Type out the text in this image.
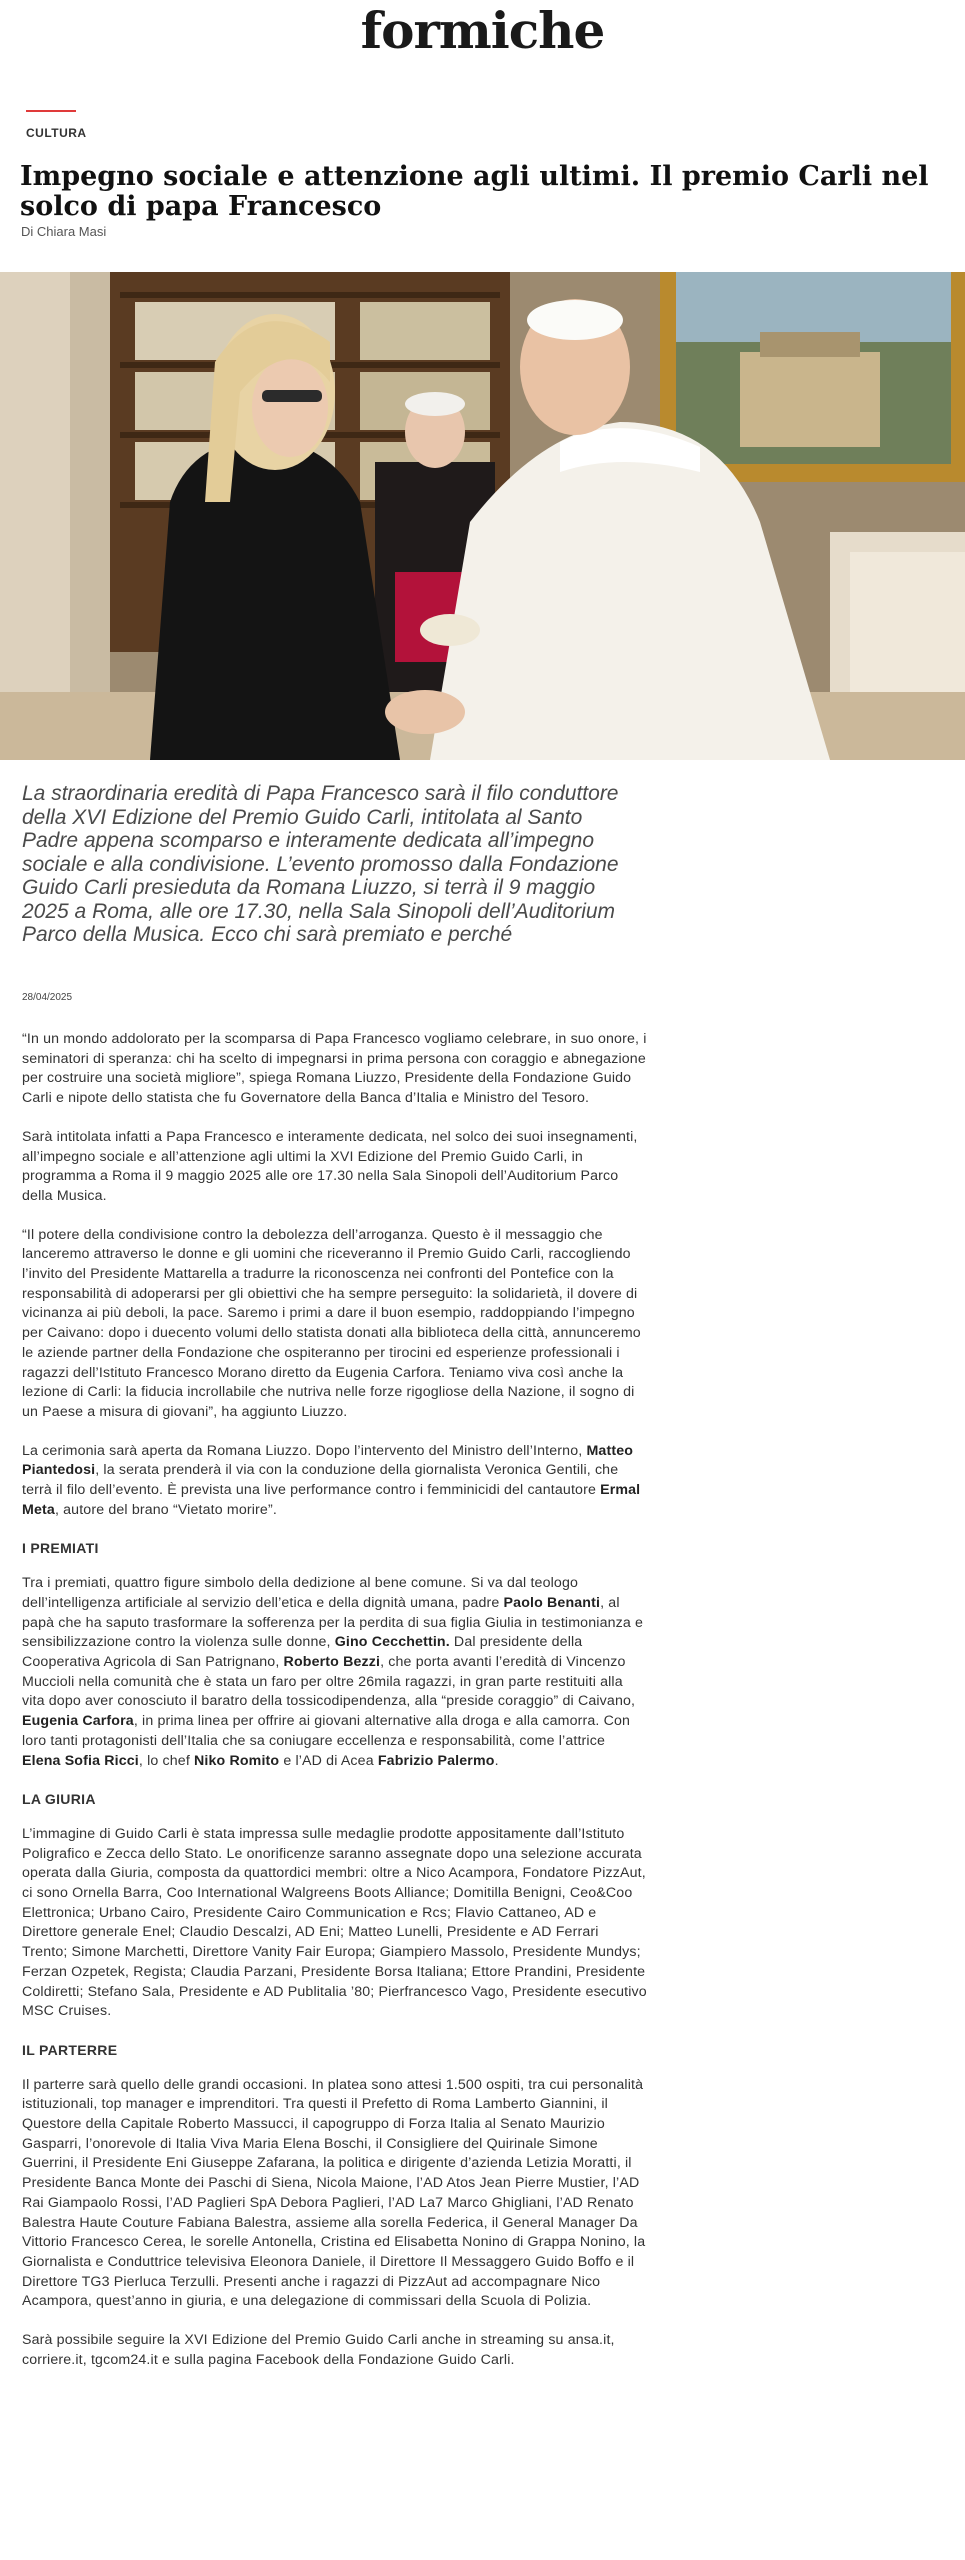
formiche
CULTURA
Impegno sociale e attenzione agli ultimi. Il premio Carli nel solco di papa Francesco
Di Chiara Masi

La straordinaria eredità di Papa Francesco sarà il filo conduttore della XVI Edizione del Premio Guido Carli, intitolata al Santo Padre appena scomparso e interamente dedicata all’impegno sociale e alla condivisione. L’evento promosso dalla Fondazione Guido Carli presieduta da Romana Liuzzo, si terrà il 9 maggio 2025 a Roma, alle ore 17.30, nella Sala Sinopoli dell’Auditorium Parco della Musica. Ecco chi sarà premiato e perché

28/04/2025

“In un mondo addolorato per la scomparsa di Papa Francesco vogliamo celebrare, in suo onore, i seminatori di speranza: chi ha scelto di impegnarsi in prima persona con coraggio e abnegazione per costruire una società migliore”, spiega Romana Liuzzo, Presidente della Fondazione Guido Carli e nipote dello statista che fu Governatore della Banca d’Italia e Ministro del Tesoro.

Sarà intitolata infatti a Papa Francesco e interamente dedicata, nel solco dei suoi insegnamenti, all’impegno sociale e all’attenzione agli ultimi la XVI Edizione del Premio Guido Carli, in programma a Roma il 9 maggio 2025 alle ore 17.30 nella Sala Sinopoli dell’Auditorium Parco della Musica.

“Il potere della condivisione contro la debolezza dell’arroganza. Questo è il messaggio che lanceremo attraverso le donne e gli uomini che riceveranno il Premio Guido Carli, raccogliendo l’invito del Presidente Mattarella a tradurre la riconoscenza nei confronti del Pontefice con la responsabilità di adoperarsi per gli obiettivi che ha sempre perseguito: la solidarietà, il dovere di vicinanza ai più deboli, la pace. Saremo i primi a dare il buon esempio, raddoppiando l’impegno per Caivano: dopo i duecento volumi dello statista donati alla biblioteca della città, annunceremo le aziende partner della Fondazione che ospiteranno per tirocini ed esperienze professionali i ragazzi dell’Istituto Francesco Morano diretto da Eugenia Carfora. Teniamo viva così anche la lezione di Carli: la fiducia incrollabile che nutriva nelle forze rigogliose della Nazione, il sogno di un Paese a misura di giovani”, ha aggiunto Liuzzo.

La cerimonia sarà aperta da Romana Liuzzo. Dopo l’intervento del Ministro dell’Interno, Matteo Piantedosi, la serata prenderà il via con la conduzione della giornalista Veronica Gentili, che terrà il filo dell’evento. È prevista una live performance contro i femminicidi del cantautore Ermal Meta, autore del brano “Vietato morire”.

I PREMIATI

Tra i premiati, quattro figure simbolo della dedizione al bene comune. Si va dal teologo dell’intelligenza artificiale al servizio dell’etica e della dignità umana, padre Paolo Benanti, al papà che ha saputo trasformare la sofferenza per la perdita di sua figlia Giulia in testimonianza e sensibilizzazione contro la violenza sulle donne, Gino Cecchettin. Dal presidente della Cooperativa Agricola di San Patrignano, Roberto Bezzi, che porta avanti l’eredità di Vincenzo Muccioli nella comunità che è stata un faro per oltre 26mila ragazzi, in gran parte restituiti alla vita dopo aver conosciuto il baratro della tossicodipendenza, alla “preside coraggio” di Caivano, Eugenia Carfora, in prima linea per offrire ai giovani alternative alla droga e alla camorra. Con loro tanti protagonisti dell’Italia che sa coniugare eccellenza e responsabilità, come l’attrice Elena Sofia Ricci, lo chef Niko Romito e l’AD di Acea Fabrizio Palermo.

LA GIURIA

L’immagine di Guido Carli è stata impressa sulle medaglie prodotte appositamente dall’Istituto Poligrafico e Zecca dello Stato. Le onorificenze saranno assegnate dopo una selezione accurata operata dalla Giuria, composta da quattordici membri: oltre a Nico Acampora, Fondatore PizzAut, ci sono Ornella Barra, Coo International Walgreens Boots Alliance; Domitilla Benigni, Ceo&Coo Elettronica; Urbano Cairo, Presidente Cairo Communication e Rcs; Flavio Cattaneo, AD e Direttore generale Enel; Claudio Descalzi, AD Eni; Matteo Lunelli, Presidente e AD Ferrari Trento; Simone Marchetti, Direttore Vanity Fair Europa; Giampiero Massolo, Presidente Mundys; Ferzan Ozpetek, Regista; Claudia Parzani, Presidente Borsa Italiana; Ettore Prandini, Presidente Coldiretti; Stefano Sala, Presidente e AD Publitalia ’80; Pierfrancesco Vago, Presidente esecutivo MSC Cruises.

IL PARTERRE

Il parterre sarà quello delle grandi occasioni. In platea sono attesi 1.500 ospiti, tra cui personalità istituzionali, top manager e imprenditori. Tra questi il Prefetto di Roma Lamberto Giannini, il Questore della Capitale Roberto Massucci, il capogruppo di Forza Italia al Senato Maurizio Gasparri, l’onorevole di Italia Viva Maria Elena Boschi, il Consigliere del Quirinale Simone Guerrini, il Presidente Eni Giuseppe Zafarana, la politica e dirigente d’azienda Letizia Moratti, il Presidente Banca Monte dei Paschi di Siena, Nicola Maione, l’AD Atos Jean Pierre Mustier, l’AD Rai Giampaolo Rossi, l’AD Paglieri SpA Debora Paglieri, l’AD La7 Marco Ghigliani, l’AD Renato Balestra Haute Couture Fabiana Balestra, assieme alla sorella Federica, il General Manager Da Vittorio Francesco Cerea, le sorelle Antonella, Cristina ed Elisabetta Nonino di Grappa Nonino, la Giornalista e Conduttrice televisiva Eleonora Daniele, il Direttore Il Messaggero Guido Boffo e il Direttore TG3 Pierluca Terzulli. Presenti anche i ragazzi di PizzAut ad accompagnare Nico Acampora, quest’anno in giuria, e una delegazione di commissari della Scuola di Polizia.

Sarà possibile seguire la XVI Edizione del Premio Guido Carli anche in streaming su ansa.it, corriere.it, tgcom24.it e sulla pagina Facebook della Fondazione Guido Carli.
